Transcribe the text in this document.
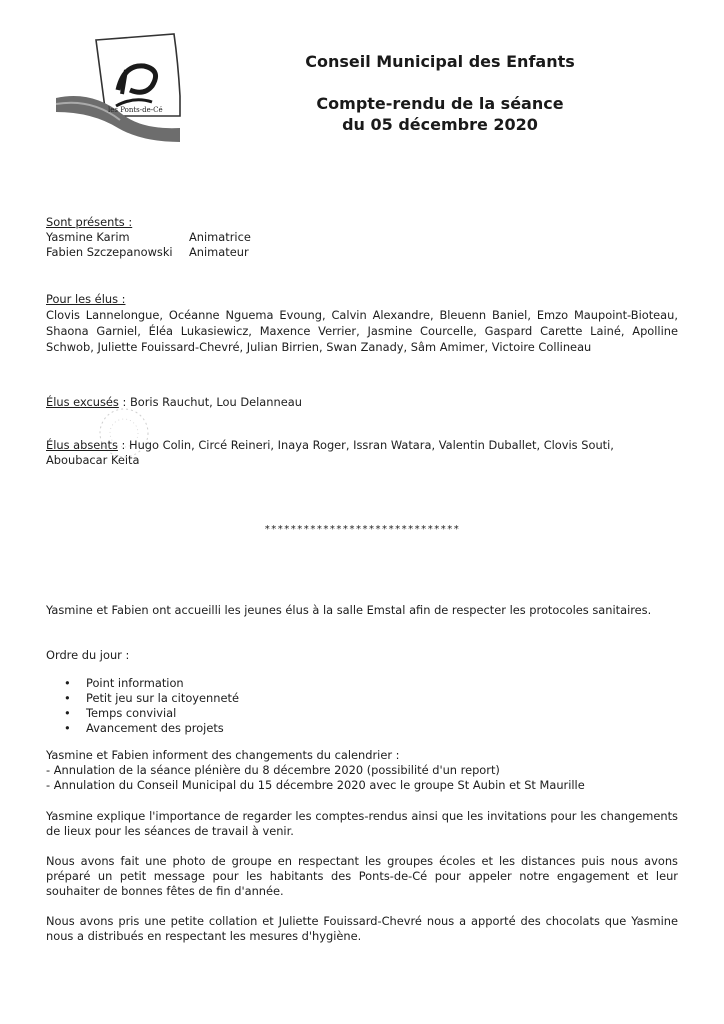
les Ponts-de-Cé
Conseil Municipal des Enfants
Compte-rendu de la séance
du 05 décembre 2020
Sont présents :
Yasmine Karim	Animatrice
Fabien Szczepanowski	Animateur
Pour les élus :
Clovis Lannelongue, Océanne Nguema Evoung, Calvin Alexandre, Bleuenn Baniel, Emzo Maupoint-Bioteau, Shaona Garniel, Éléa Lukasiewicz, Maxence Verrier, Jasmine Courcelle, Gaspard Carette Lainé, Apolline Schwob, Juliette Fouissard-Chevré, Julian Birrien, Swan Zanady, Sâm Amimer, Victoire Collineau
Élus excusés : Boris Rauchut, Lou Delanneau
Élus absents : Hugo Colin, Circé Reineri, Inaya Roger, Issran Watara, Valentin Duballet, Clovis Souti, Aboubacar Keita
******************************
Yasmine et Fabien ont accueilli les jeunes élus à la salle Emstal afin de respecter les protocoles sanitaires.
Ordre du jour :
• Point information
• Petit jeu sur la citoyenneté
• Temps convivial
• Avancement des projets
Yasmine et Fabien informent des changements du calendrier :
- Annulation de la séance plénière du 8 décembre 2020 (possibilité d'un report)
- Annulation du Conseil Municipal du 15 décembre 2020 avec le groupe St Aubin et St Maurille
Yasmine explique l'importance de regarder les comptes-rendus ainsi que les invitations pour les changements de lieux pour les séances de travail à venir.
Nous avons fait une photo de groupe en respectant les groupes écoles et les distances puis nous avons préparé un petit message pour les habitants des Ponts-de-Cé pour appeler notre engagement et leur souhaiter de bonnes fêtes de fin d'année.
Nous avons pris une petite collation et Juliette Fouissard-Chevré nous a apporté des chocolats que Yasmine nous a distribués en respectant les mesures d'hygiène.
